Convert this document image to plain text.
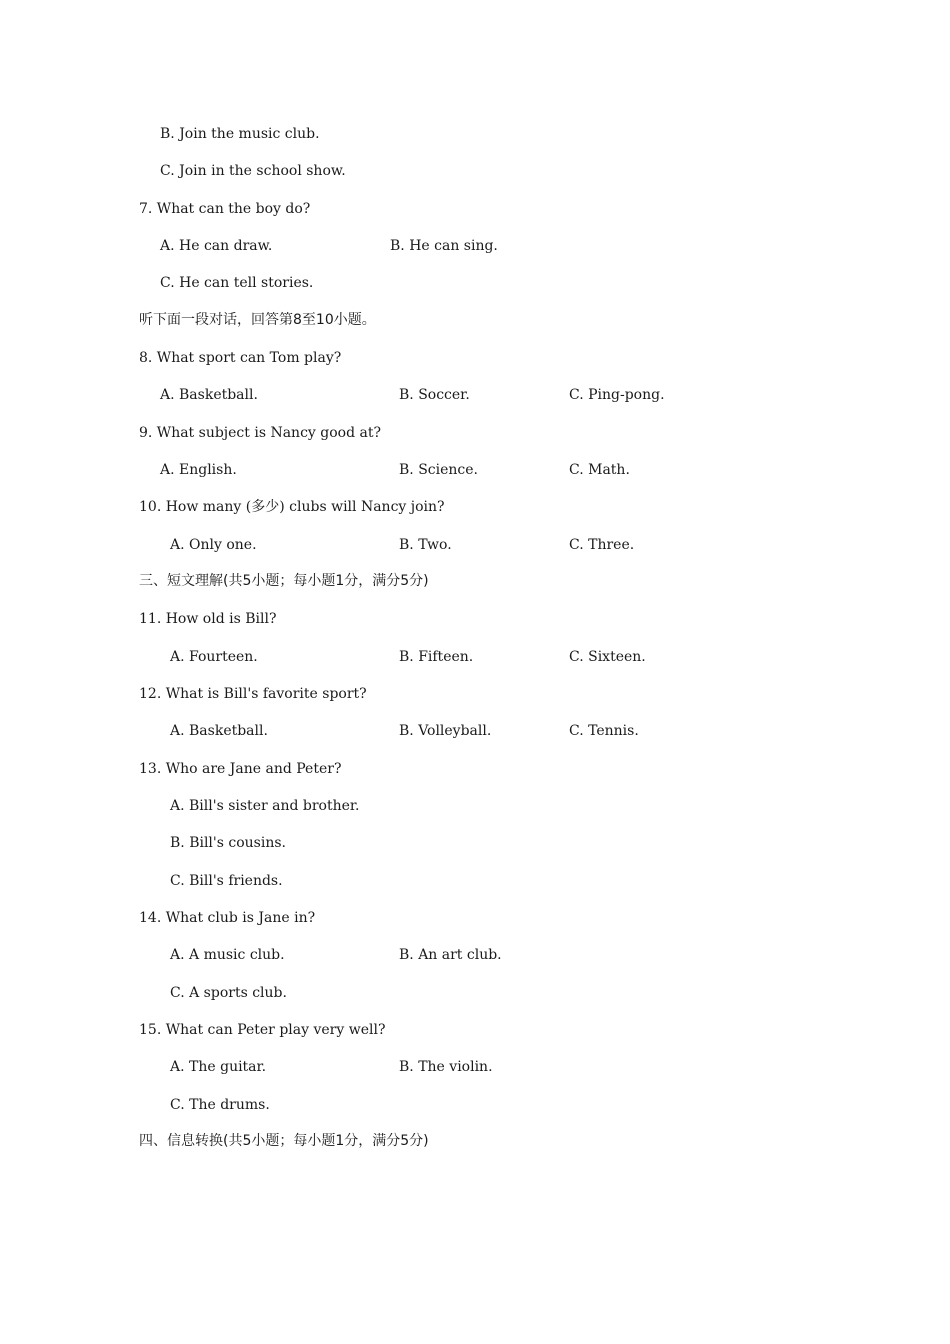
B. Join the music club.
C. Join in the school show.
7. What can the boy do?
A. He can draw.	B. He can sing.
C. He can tell stories.
听下面一段对话，回答第8至10小题。
8. What sport can Tom play?
A. Basketball.	B. Soccer.	C. Ping-pong.
9. What subject is Nancy good at?
A. English.	B. Science.	C. Math.
10. How many (多少) clubs will Nancy join?
A. Only one.	B. Two.	C. Three.
三、短文理解(共5小题；每小题1分，满分5分)
11. How old is Bill?
A. Fourteen.	B. Fifteen.	C. Sixteen.
12. What is Bill's favorite sport?
A. Basketball.	B. Volleyball.	C. Tennis.
13. Who are Jane and Peter?
A. Bill's sister and brother.
B. Bill's cousins.
C. Bill's friends.
14. What club is Jane in?
A. A music club.	B. An art club.
C. A sports club.
15. What can Peter play very well?
A. The guitar.	B. The violin.
C. The drums.
四、信息转换(共5小题；每小题1分，满分5分)
